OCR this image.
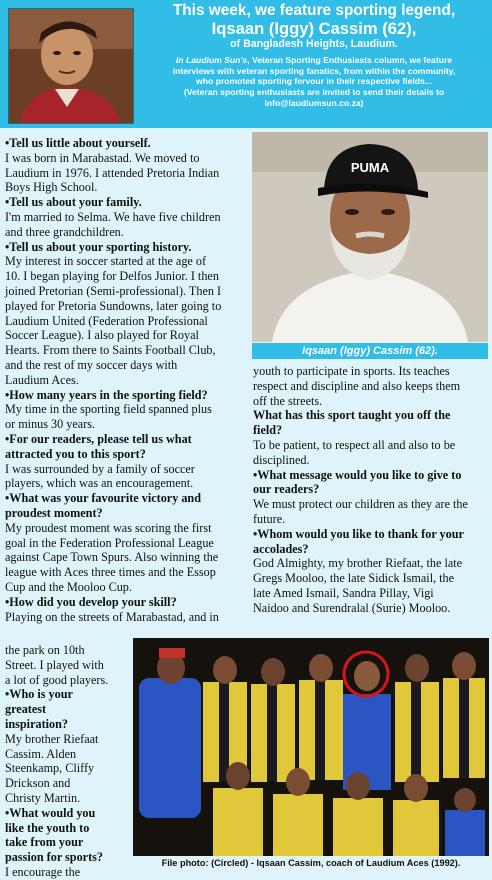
This week, we feature sporting legend,
Iqsaan (Iggy) Cassim (62),
of Bangladesh Heights, Laudium.
In Laudium Sun's, Veteran Sporting Enthusiasts column, we feature
interviews with veteran sporting fanatics, from within the community,
who promoted sporting fervour in their respective fields...
(Veteran sporting enthusiasts are invited to send their details to
info@laudiumsun.co.za)

•Tell us little about yourself.

I was born in Marabastad. We moved to

Laudium in 1976. I attended Pretoria Indian

Boys High School.

•Tell us about your family.

I'm married to Selma. We have five children

and three grandchildren.

•Tell us about your sporting history.

My interest in soccer started at the age of

10. I began playing for Delfos Junior. I then

joined Pretorian (Semi-professional). Then I

played for Pretoria Sundowns, later going to

Laudium United (Federation Professional

Soccer League). I also played for Royal

Hearts. From there to Saints Football Club,

and the rest of my soccer days with

Laudium Aces.

•How many years in the sporting field?

My time in the sporting field spanned plus

or minus 30 years.

•For our readers, please tell us what

attracted you to this sport?

I was surrounded by a family of soccer

players, which was an encouragement.

•What was your favourite victory and

proudest moment?

My proudest moment was scoring the first

goal in the Federation Professional League

against Cape Town Spurs. Also winning the

league with Aces three times and the Essop

Cup and the Mooloo Cup.

•How did you develop your skill?

Playing on the streets of Marabastad, and in

PUMA
Iqsaan (Iggy) Cassim (62).

youth to participate in sports. Its teaches

respect and discipline and also keeps them

off the streets.

What has this sport taught you off the

field?

To be patient, to respect all and also to be

disciplined.

•What message would you like to give to

our readers?

We must protect our children as they are the

future.

•Whom would you like to thank for your

accolades?

God Almighty, my brother Riefaat, the late

Gregs Mooloo, the late Sidick Ismail, the

late Amed Ismail, Sandra Pillay, Vigi

Naidoo and Surendralal (Surie) Mooloo.

the park on 10th

Street. I played with

a lot of good players.

•Who is your

greatest

inspiration?

My brother Riefaat

Cassim. Alden

Steenkamp, Cliffy

Drickson and

Christy Martin.

•What would you

like the youth to

take from your

passion for sports?

I encourage the

File photo: (Circled) - Iqsaan Cassim, coach of Laudium Aces (1992).
